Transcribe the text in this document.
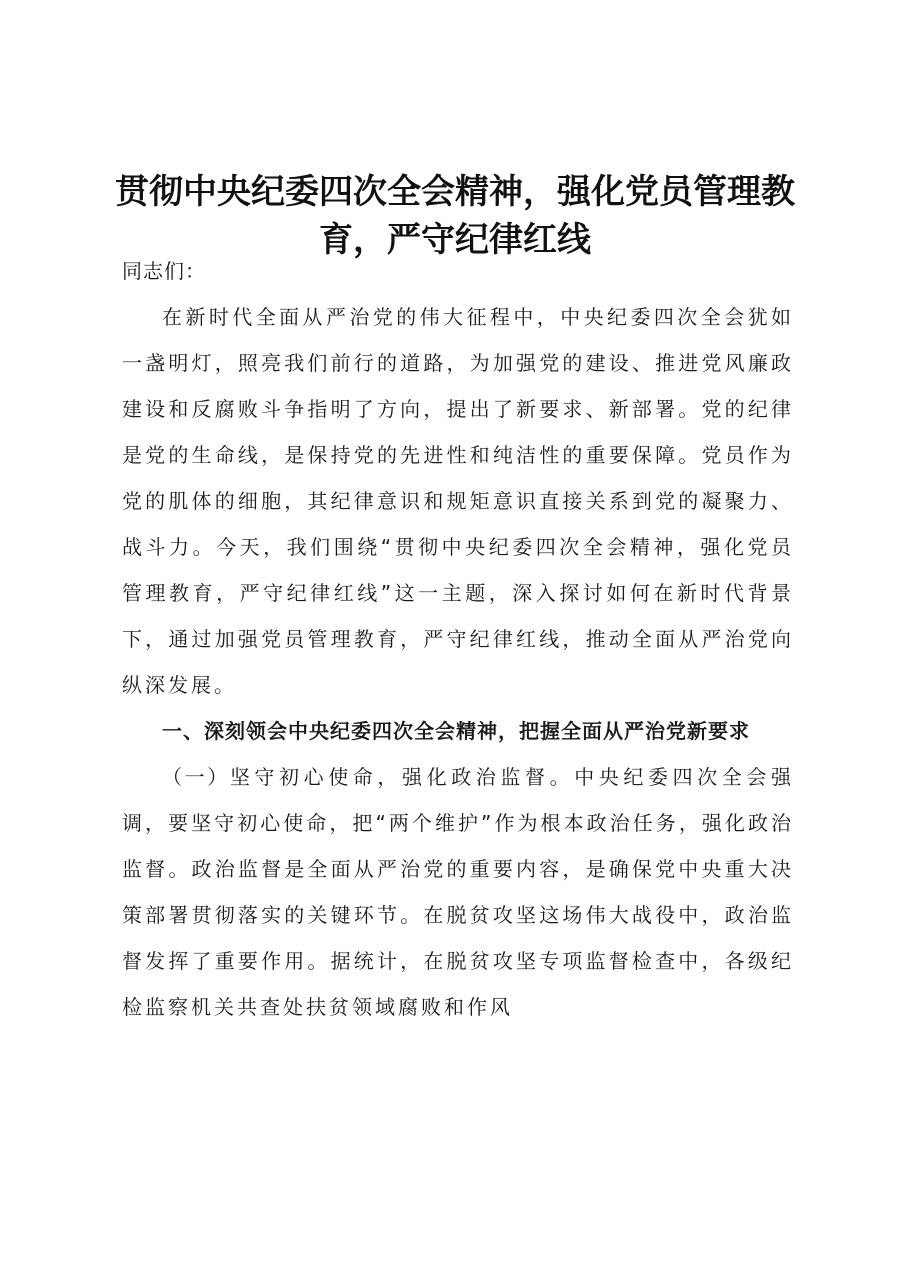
贯彻中央纪委四次全会精神，强化党员管理教育，严守纪律红线

同志们：

在新时代全面从严治党的伟大征程中，中央纪委四次全会犹如一盏明灯，照亮我们前行的道路，为加强党的建设、推进党风廉政建设和反腐败斗争指明了方向，提出了新要求、新部署。党的纪律是党的生命线，是保持党的先进性和纯洁性的重要保障。党员作为党的肌体的细胞，其纪律意识和规矩意识直接关系到党的凝聚力、战斗力。今天，我们围绕“贯彻中央纪委四次全会精神，强化党员管理教育，严守纪律红线”这一主题，深入探讨如何在新时代背景下，通过加强党员管理教育，严守纪律红线，推动全面从严治党向纵深发展。

一、深刻领会中央纪委四次全会精神，把握全面从严治党新要求

（一）坚守初心使命，强化政治监督。中央纪委四次全会强调，要坚守初心使命，把“两个维护”作为根本政治任务，强化政治监督。政治监督是全面从严治党的重要内容，是确保党中央重大决策部署贯彻落实的关键环节。在脱贫攻坚这场伟大战役中，政治监督发挥了重要作用。据统计，在脱贫攻坚专项监督检查中，各级纪检监察机关共查处扶贫领域腐败和作风
